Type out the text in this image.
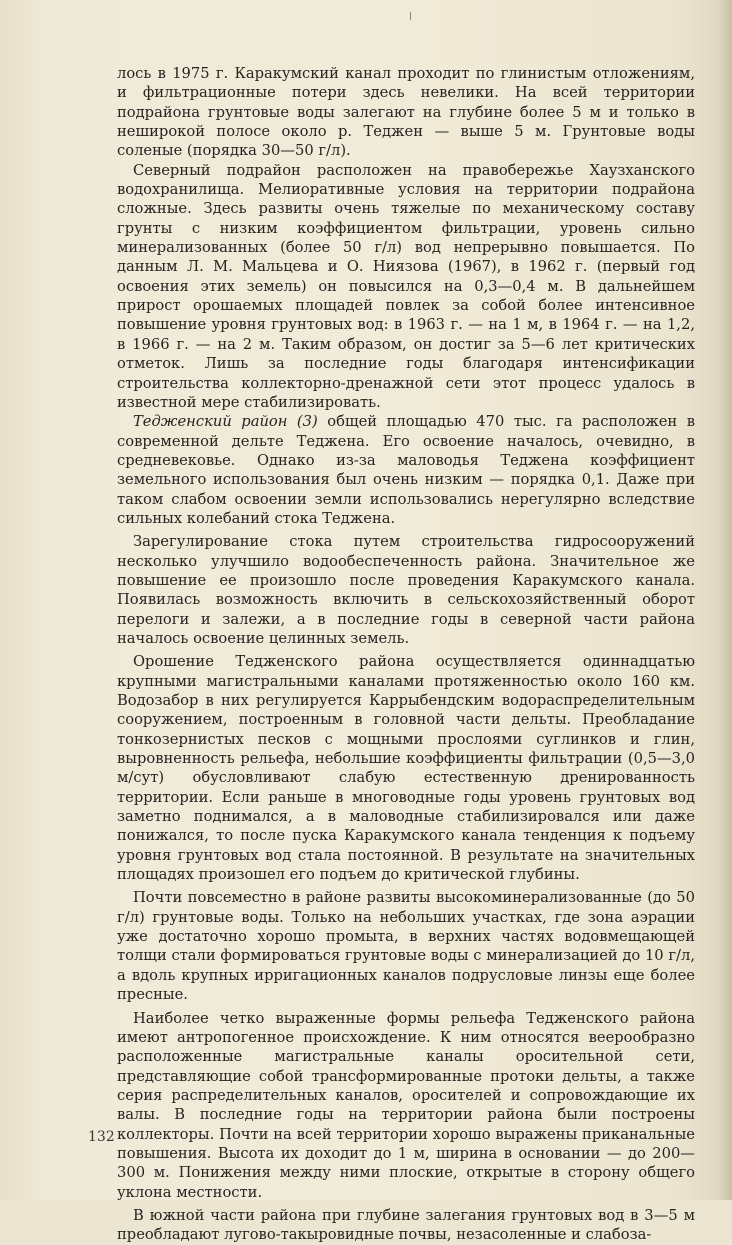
лось в 1975 г. Каракумский канал проходит по глинистым отложениям, и фильтрационные потери здесь невелики. На всей территории подрайона грунтовые воды залегают на глубине более 5 м и только в неширокой полосе около р. Теджен — выше 5 м. Грунтовые воды соленые (порядка 30—50 г/л).

Северный подрайон расположен на правобережье Хаузханского водохранилища. Мелиоративные условия на территории подрайона сложные. Здесь развиты очень тяжелые по механическому составу грунты с низким коэффициентом фильтрации, уровень сильно минерализованных (более 50 г/л) вод непрерывно повышается. По данным Л. М. Мальцева и О. Ниязова (1967), в 1962 г. (первый год освоения этих земель) он повысился на 0,3—0,4 м. В дальнейшем прирост орошаемых площадей повлек за собой более интенсивное повышение уровня грунтовых вод: в 1963 г. — на 1 м, в 1964 г. — на 1,2, в 1966 г. — на 2 м. Таким образом, он достиг за 5—6 лет критических отметок. Лишь за последние годы благодаря интенсификации строительства коллекторно-дренажной сети этот процесс удалось в известной мере стабилизировать.

Тедженский район (3) общей площадью 470 тыс. га расположен в современной дельте Теджена. Его освоение началось, очевидно, в средневековье. Однако из-за маловодья Теджена коэффициент земельного использования был очень низким — порядка 0,1. Даже при таком слабом освоении земли использовались нерегулярно вследствие сильных колебаний стока Теджена.

Зарегулирование стока путем строительства гидросооружений несколько улучшило водообеспеченность района. Значительное же повышение ее произошло после проведения Каракумского канала. Появилась возможность включить в сельскохозяйственный оборот перелоги и залежи, а в последние годы в северной части района началось освоение целинных земель.

Орошение Тедженского района осуществляется одиннадцатью крупными магистральными каналами протяженностью около 160 км. Водозабор в них регулируется Каррыбендским водораспределительным сооружением, построенным в головной части дельты. Преобладание тонкозернистых песков с мощными прослоями суглинков и глин, выровненность рельефа, небольшие коэффициенты фильтрации (0,5—3,0 м/сут) обусловливают слабую естественную дренированность территории. Если раньше в многоводные годы уровень грунтовых вод заметно поднимался, а в маловодные стабилизировался или даже понижался, то после пуска Каракумского канала тенденция к подъему уровня грунтовых вод стала постоянной. В результате на значительных площадях произошел его подъем до критической глубины.

Почти повсеместно в районе развиты высокоминерализованные (до 50 г/л) грунтовые воды. Только на небольших участках, где зона аэрации уже достаточно хорошо промыта, в верхних частях водовмещающей толщи стали формироваться грунтовые воды с минерализацией до 10 г/л, а вдоль крупных ирригационных каналов подрусловые линзы еще более пресные.

Наиболее четко выраженные формы рельефа Тедженского района имеют антропогенное происхождение. К ним относятся веерообразно расположенные магистральные каналы оросительной сети, представляющие собой трансформированные протоки дельты, а также серия распределительных каналов, оросителей и сопровождающие их валы. В последние годы на территории района были построены коллекторы. Почти на всей территории хорошо выражены приканальные повышения. Высота их доходит до 1 м, ширина в основании — до 200—300 м. Понижения между ними плоские, открытые в сторону общего уклона местности.

В южной части района при глубине залегания грунтовых вод в 3—5 м преобладают лугово-такыровидные почвы, незасоленные и слабоза-

132
